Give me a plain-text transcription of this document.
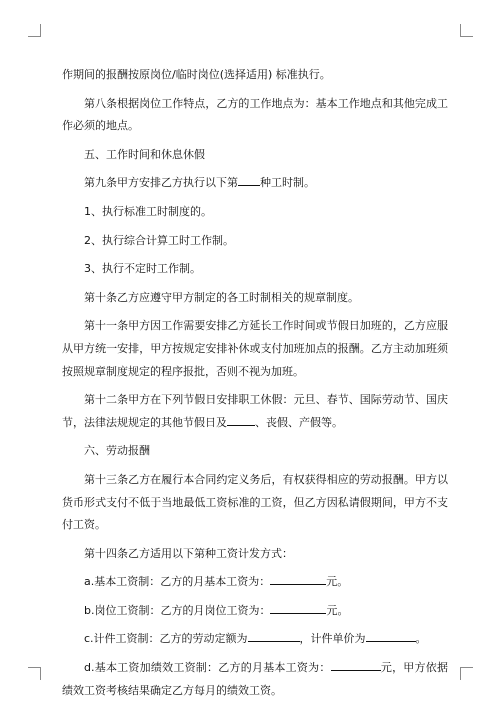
作期间的报酬按原岗位/临时岗位(选择适用) 标准执行。

第八条根据岗位工作特点，乙方的工作地点为：基本工作地点和其他完成工作必须的地点。

五、工作时间和休息休假

第九条甲方安排乙方执行以下第 种工时制。

1、执行标准工时制度的。

2、执行综合计算工时工作制。

3、执行不定时工作制。

第十条乙方应遵守甲方制定的各工时制相关的规章制度。

第十一条甲方因工作需要安排乙方延长工作时间或节假日加班的，乙方应服从甲方统一安排，甲方按规定安排补休或支付加班加点的报酬。乙方主动加班须按照规章制度规定的程序报批，否则不视为加班。

第十二条甲方在下列节假日安排职工休假：元旦、春节、国际劳动节、国庆节，法律法规规定的其他节假日及	、丧假、产假等。

六、劳动报酬

第十三条乙方在履行本合同约定义务后，有权获得相应的劳动报酬。甲方以货币形式支付不低于当地最低工资标准的工资，但乙方因私请假期间，甲方不支付工资。

第十四条乙方适用以下第种工资计发方式：

a.基本工资制：乙方的月基本工资为：	元。

b.岗位工资制：乙方的月岗位工资为：	元。

c.计件工资制：乙方的劳动定额为	，计件单价为	。

d.基本工资加绩效工资制：乙方的月基本工资为：	元，甲方依据绩效工资考核结果确定乙方每月的绩效工资。
